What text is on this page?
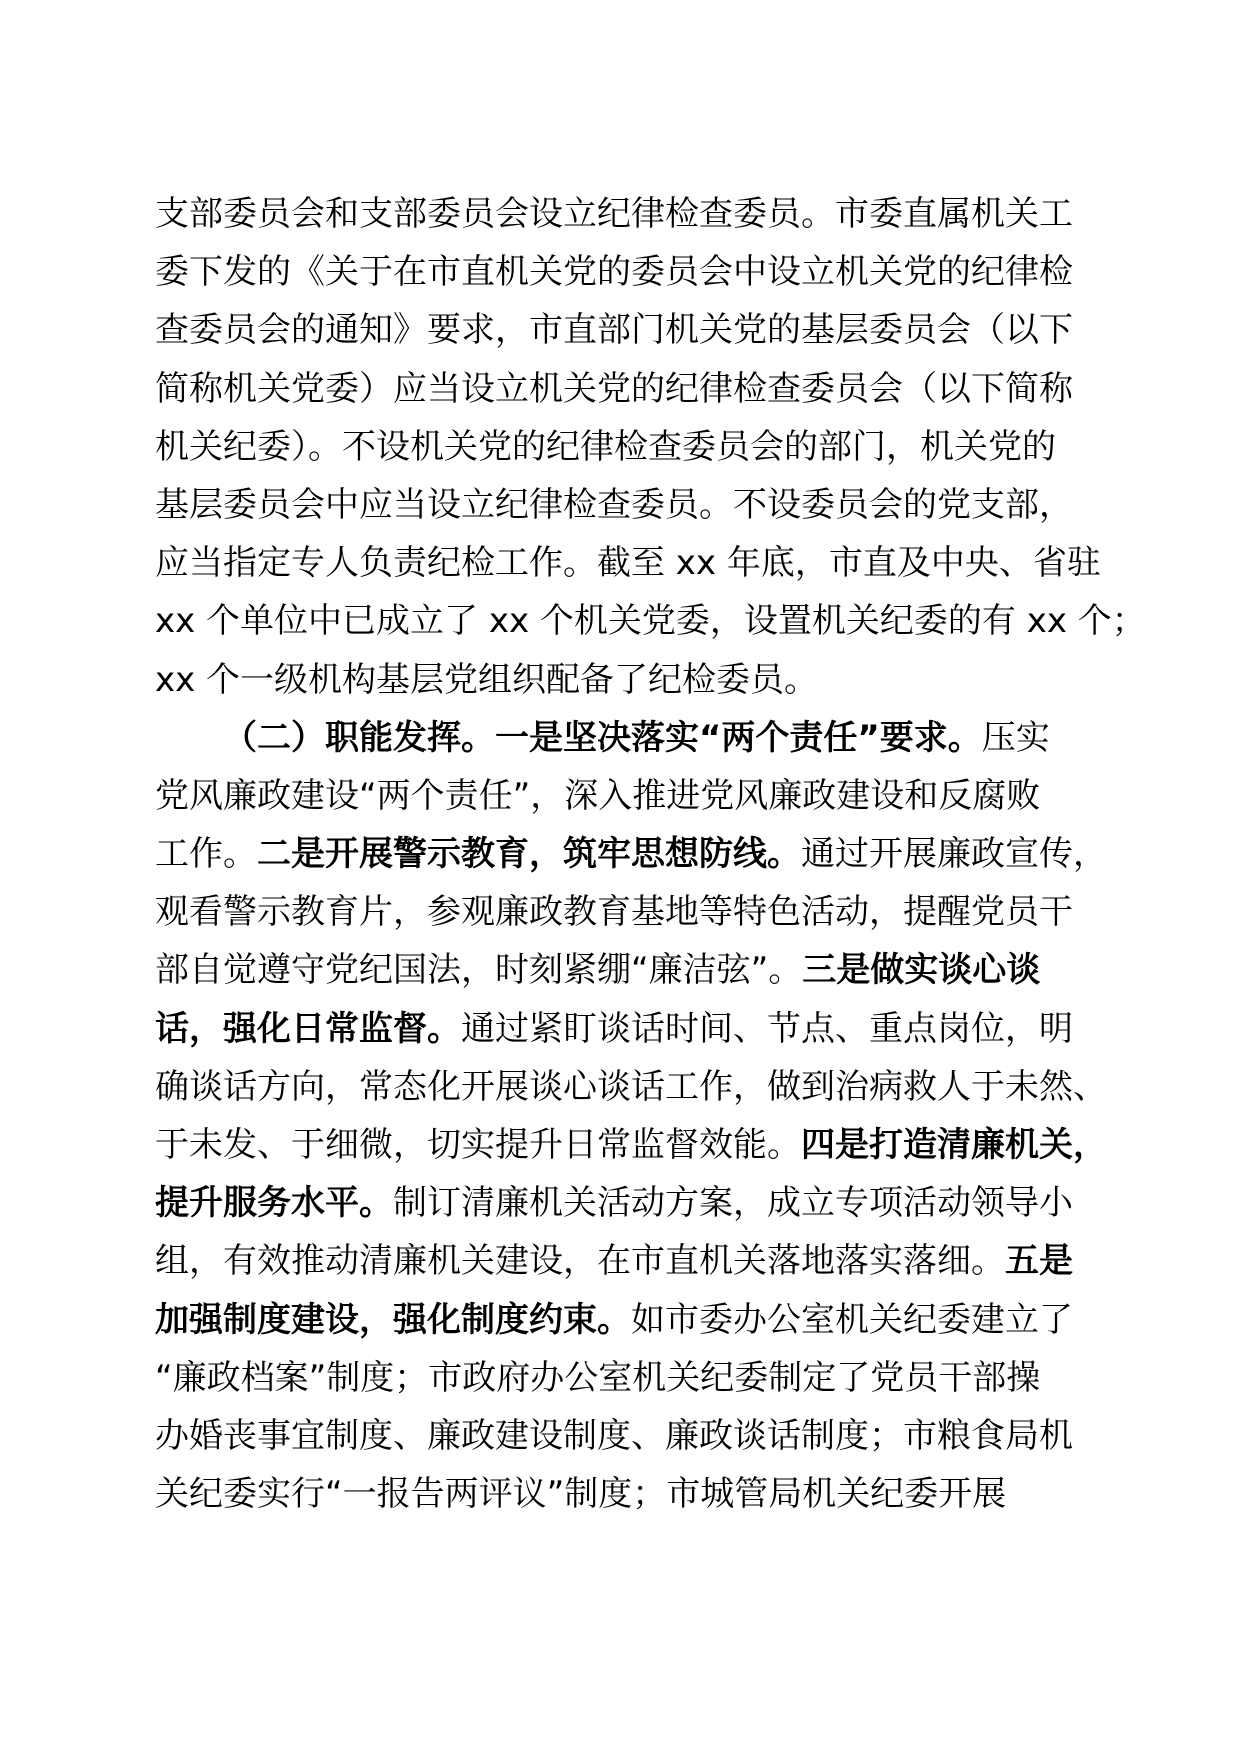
支部委员会和支部委员会设立纪律检查委员。市委直属机关工
委下发的《关于在市直机关党的委员会中设立机关党的纪律检
查委员会的通知》要求，市直部门机关党的基层委员会（以下
简称机关党委）应当设立机关党的纪律检查委员会（以下简称
机关纪委）。不设机关党的纪律检查委员会的部门，机关党的
基层委员会中应当设立纪律检查委员。不设委员会的党支部，
应当指定专人负责纪检工作。截至 xx 年底，市直及中央、省驻
xx 个单位中已成立了 xx 个机关党委，设置机关纪委的有 xx 个；
xx 个一级机构基层党组织配备了纪检委员。
（二）职能发挥。一是坚决落实“两个责任”要求。压实
党风廉政建设“两个责任”，深入推进党风廉政建设和反腐败
工作。二是开展警示教育，筑牢思想防线。通过开展廉政宣传，
观看警示教育片，参观廉政教育基地等特色活动，提醒党员干
部自觉遵守党纪国法，时刻紧绷“廉洁弦”。三是做实谈心谈
话，强化日常监督。通过紧盯谈话时间、节点、重点岗位，明
确谈话方向，常态化开展谈心谈话工作，做到治病救人于未然、
于未发、于细微，切实提升日常监督效能。四是打造清廉机关，
提升服务水平。制订清廉机关活动方案，成立专项活动领导小
组，有效推动清廉机关建设，在市直机关落地落实落细。五是
加强制度建设，强化制度约束。如市委办公室机关纪委建立了
“廉政档案”制度；市政府办公室机关纪委制定了党员干部操
办婚丧事宜制度、廉政建设制度、廉政谈话制度；市粮食局机
关纪委实行“一报告两评议”制度；市城管局机关纪委开展
